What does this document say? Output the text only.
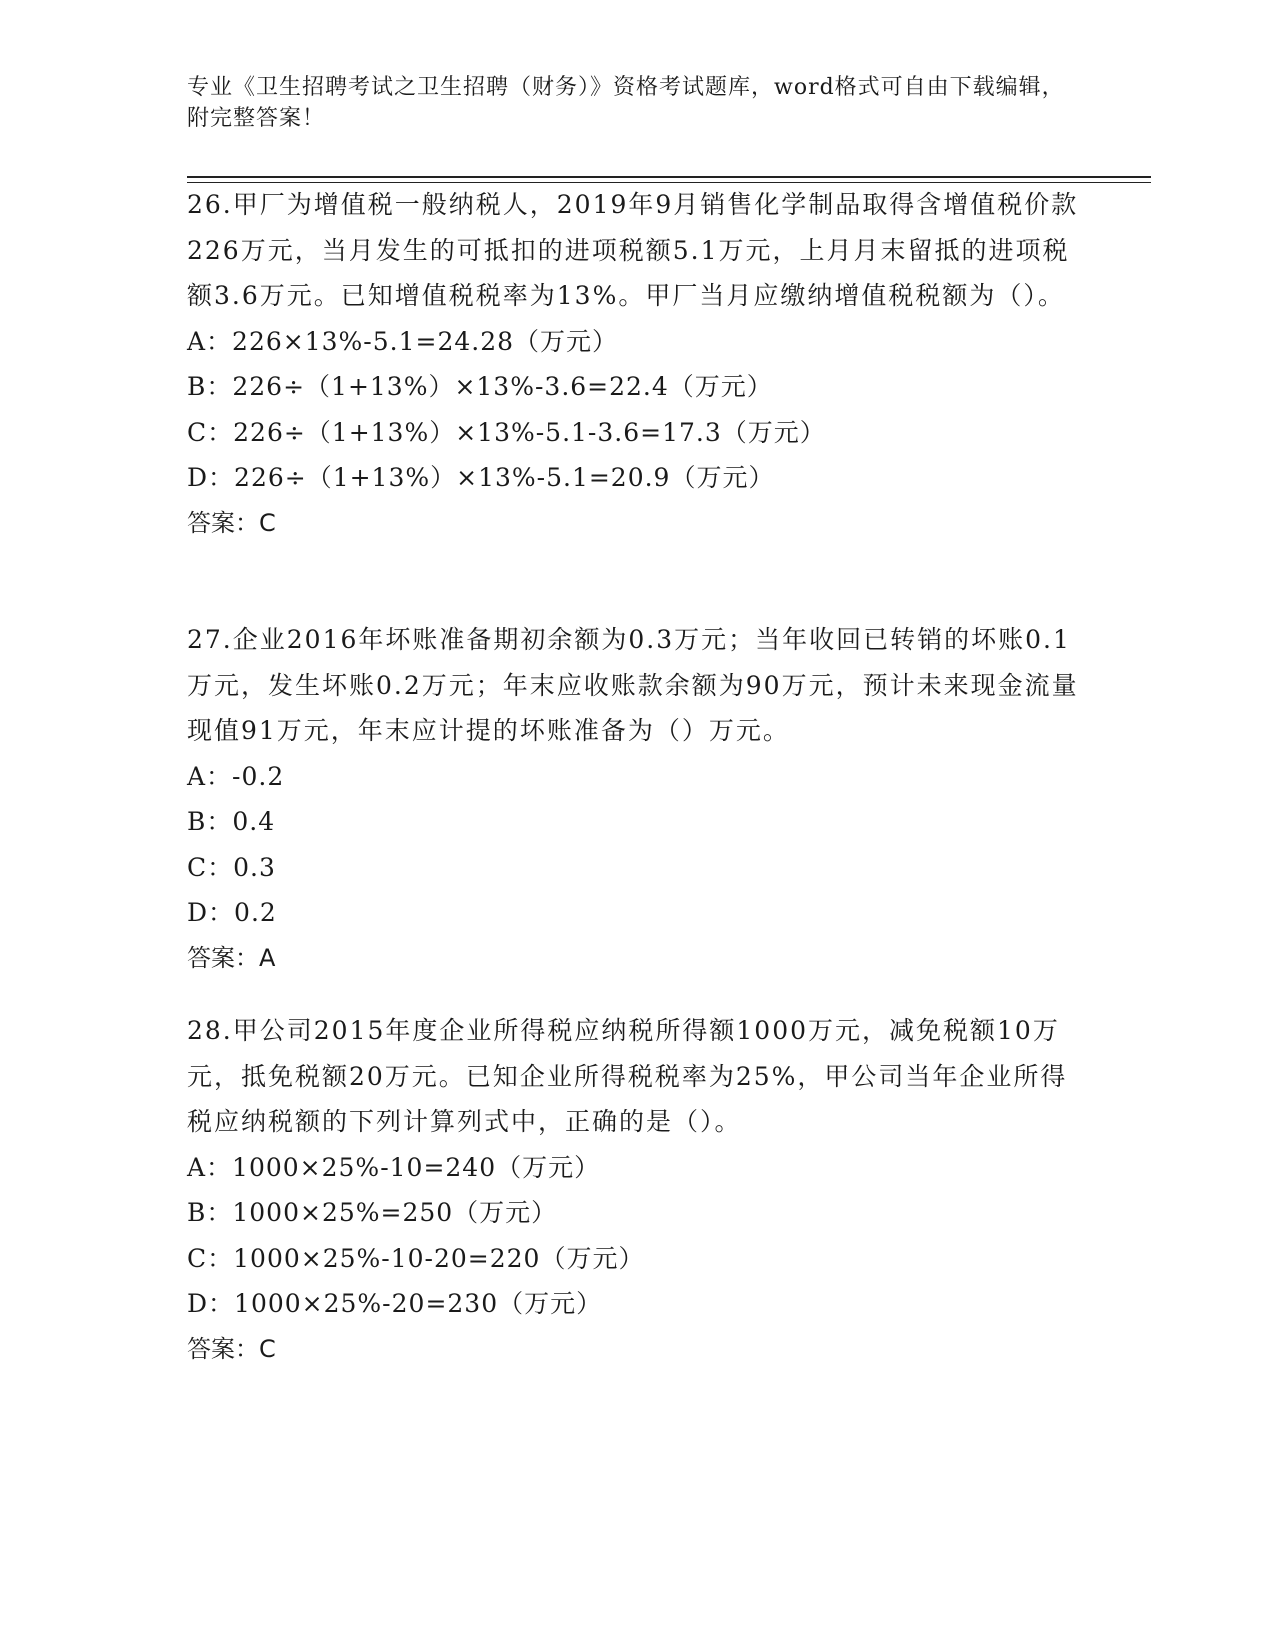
专业《卫生招聘考试之卫生招聘（财务）》资格考试题库，word格式可自由下载编辑，附完整答案！

26.甲厂为增值税一般纳税人，2019年9月销售化学制品取得含增值税价款226万元，当月发生的可抵扣的进项税额5.1万元，上月月末留抵的进项税额3.6万元。已知增值税税率为13%。甲厂当月应缴纳增值税税额为（）。

A：226×13%-5.1=24.28（万元）

B：226÷（1+13%）×13%-3.6=22.4（万元）

C：226÷（1+13%）×13%-5.1-3.6=17.3（万元）

D：226÷（1+13%）×13%-5.1=20.9（万元）

答案：C

27.企业2016年坏账准备期初余额为0.3万元；当年收回已转销的坏账0.1万元，发生坏账0.2万元；年末应收账款余额为90万元，预计未来现金流量现值91万元，年末应计提的坏账准备为（）万元。

A：-0.2

B：0.4

C：0.3

D：0.2

答案：A

28.甲公司2015年度企业所得税应纳税所得额1000万元，减免税额10万元，抵免税额20万元。已知企业所得税税率为25%，甲公司当年企业所得税应纳税额的下列计算列式中，正确的是（）。

A：1000×25%-10=240（万元）

B：1000×25%=250（万元）

C：1000×25%-10-20=220（万元）

D：1000×25%-20=230（万元）

答案：C
